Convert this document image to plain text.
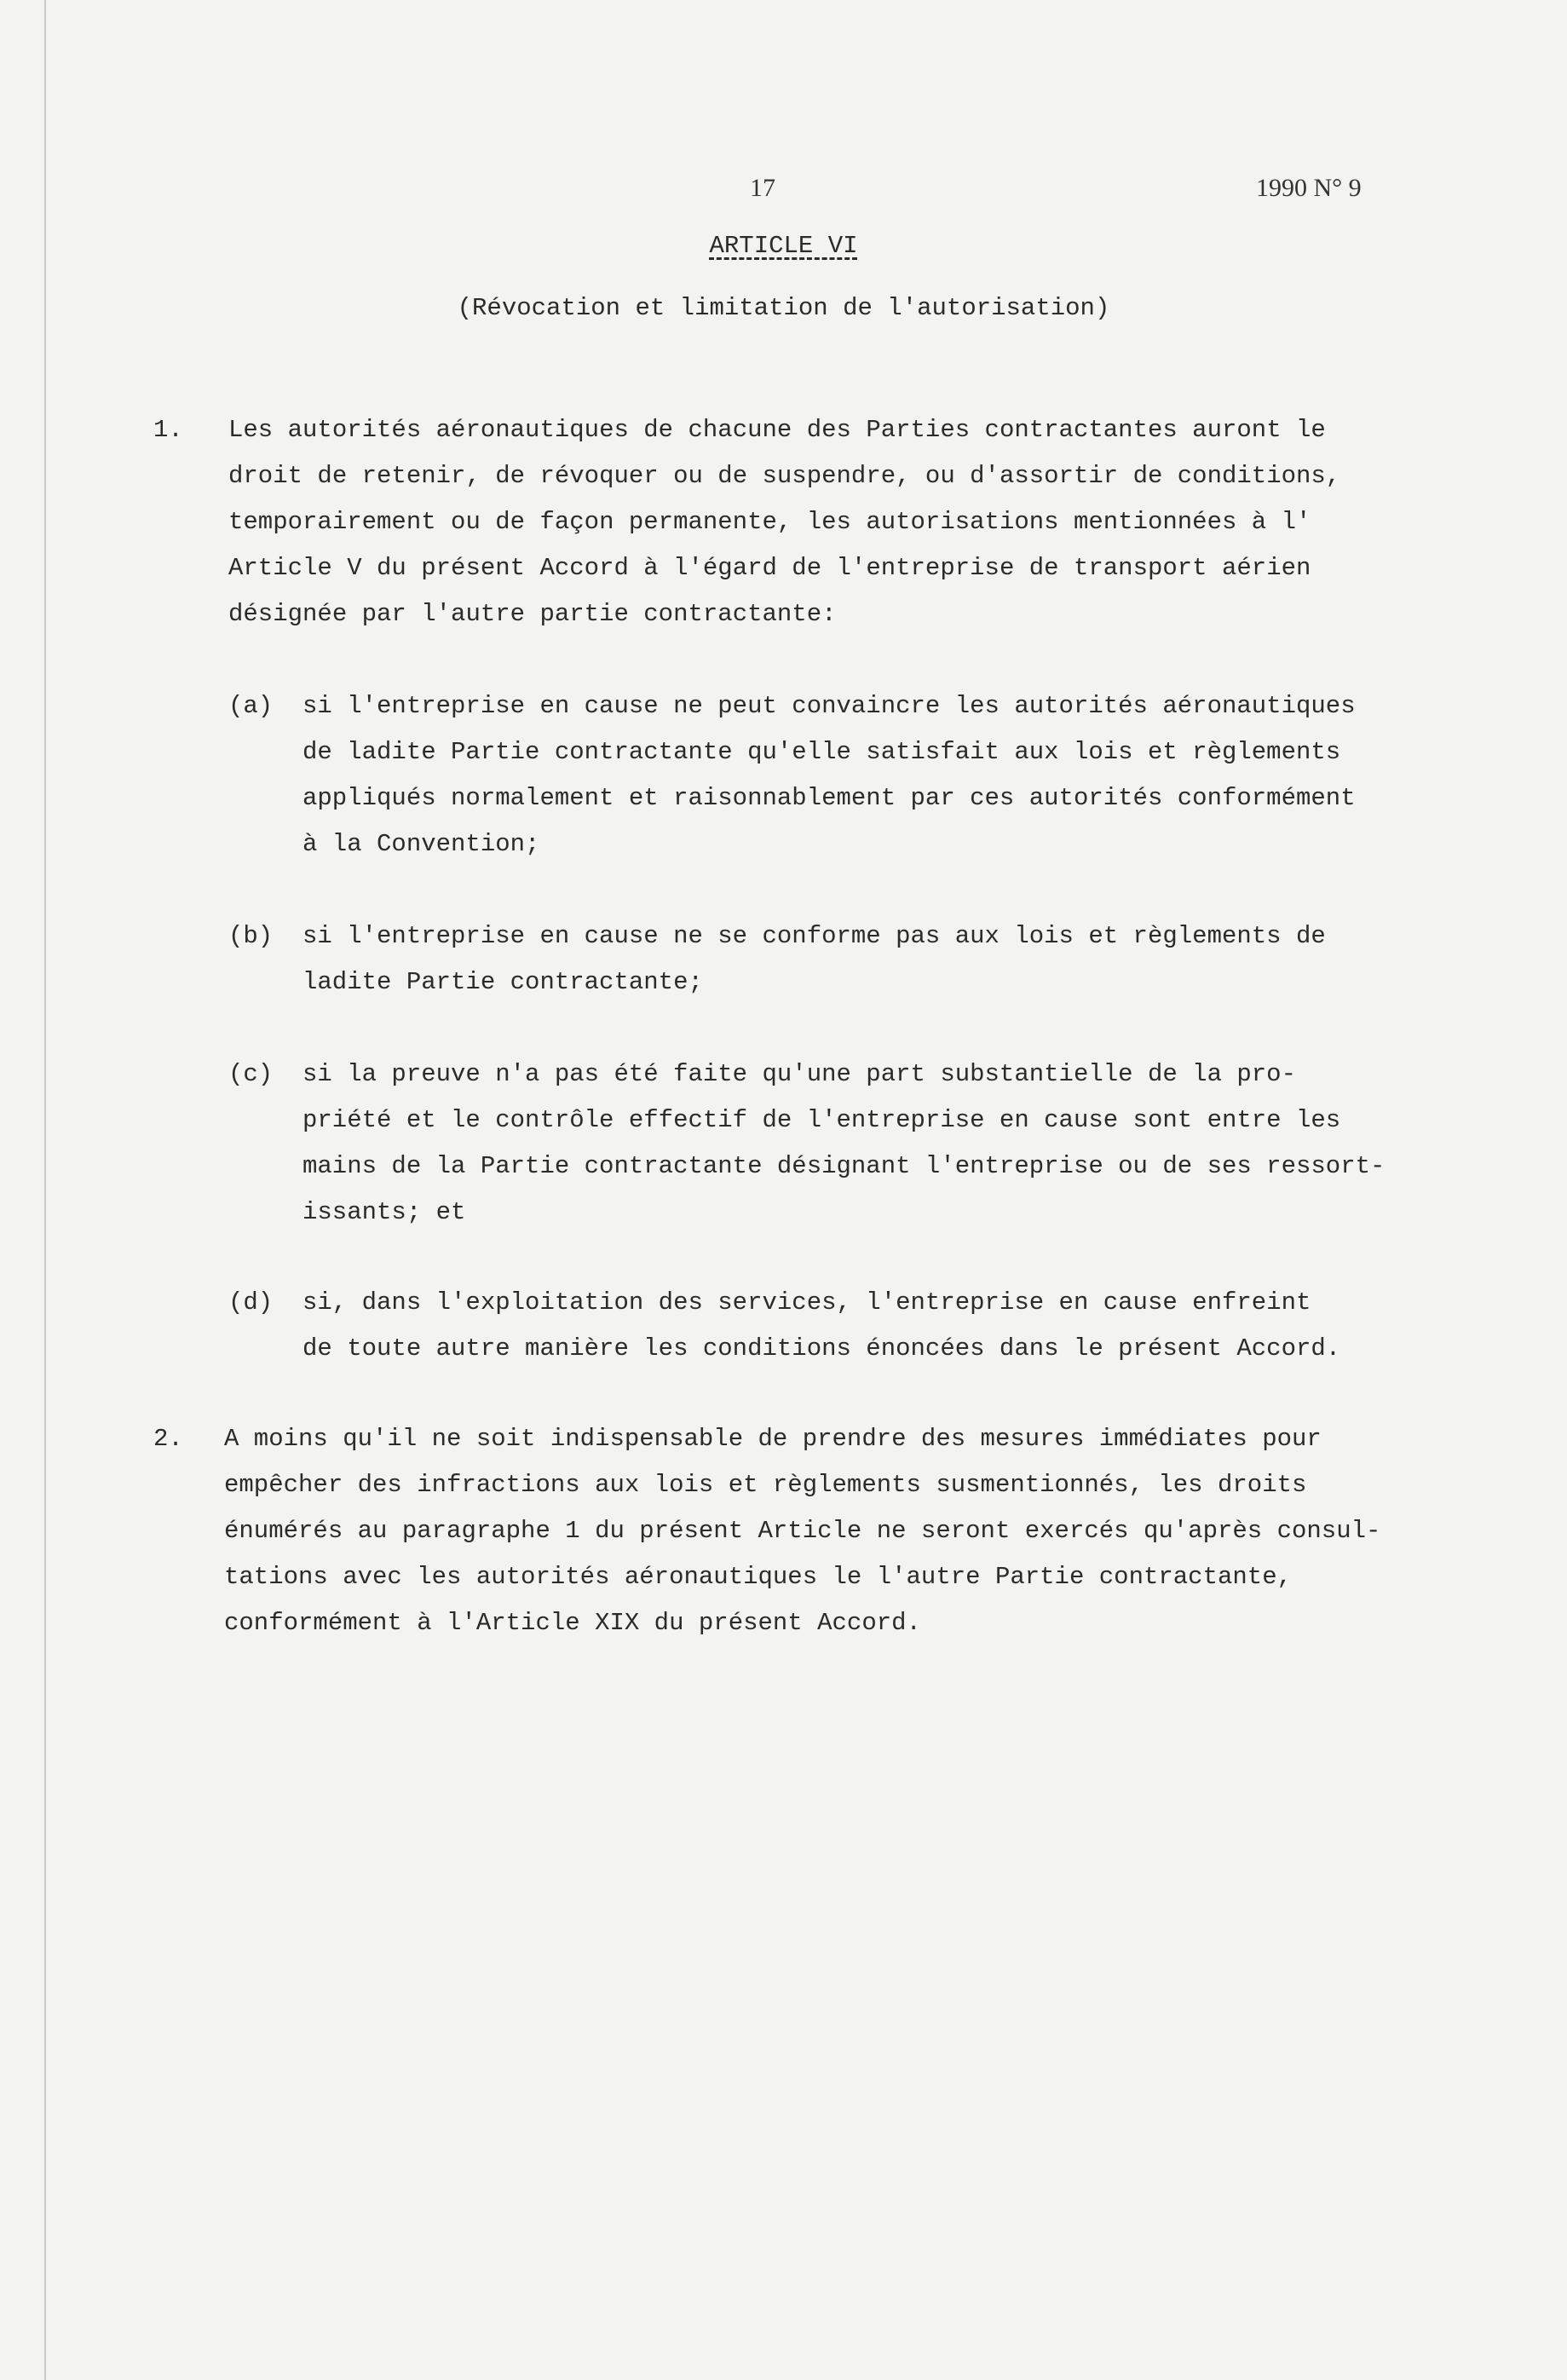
17	1990 N° 9
ARTICLE VI
(Révocation et limitation de l'autorisation)
1. Les autorités aéronautiques de chacune des Parties contractantes auront le
droit de retenir, de révoquer ou de suspendre, ou d'assortir de conditions,
temporairement ou de façon permanente, les autorisations mentionnées à l'
Article V du présent Accord à l'égard de l'entreprise de transport aérien
désignée par l'autre partie contractante:
(a) si l'entreprise en cause ne peut convaincre les autorités aéronautiques
de ladite Partie contractante qu'elle satisfait aux lois et règlements
appliqués normalement et raisonnablement par ces autorités conformément
à la Convention;
(b) si l'entreprise en cause ne se conforme pas aux lois et règlements de
ladite Partie contractante;
(c) si la preuve n'a pas été faite qu'une part substantielle de la pro-
priété et le contrôle effectif de l'entreprise en cause sont entre les
mains de la Partie contractante désignant l'entreprise ou de ses ressort-
issants; et
(d) si, dans l'exploitation des services, l'entreprise en cause enfreint
de toute autre manière les conditions énoncées dans le présent Accord.
2. A moins qu'il ne soit indispensable de prendre des mesures immédiates pour
empêcher des infractions aux lois et règlements susmentionnés, les droits
énumérés au paragraphe 1 du présent Article ne seront exercés qu'après consul-
tations avec les autorités aéronautiques le l'autre Partie contractante,
conformément à l'Article XIX du présent Accord.
